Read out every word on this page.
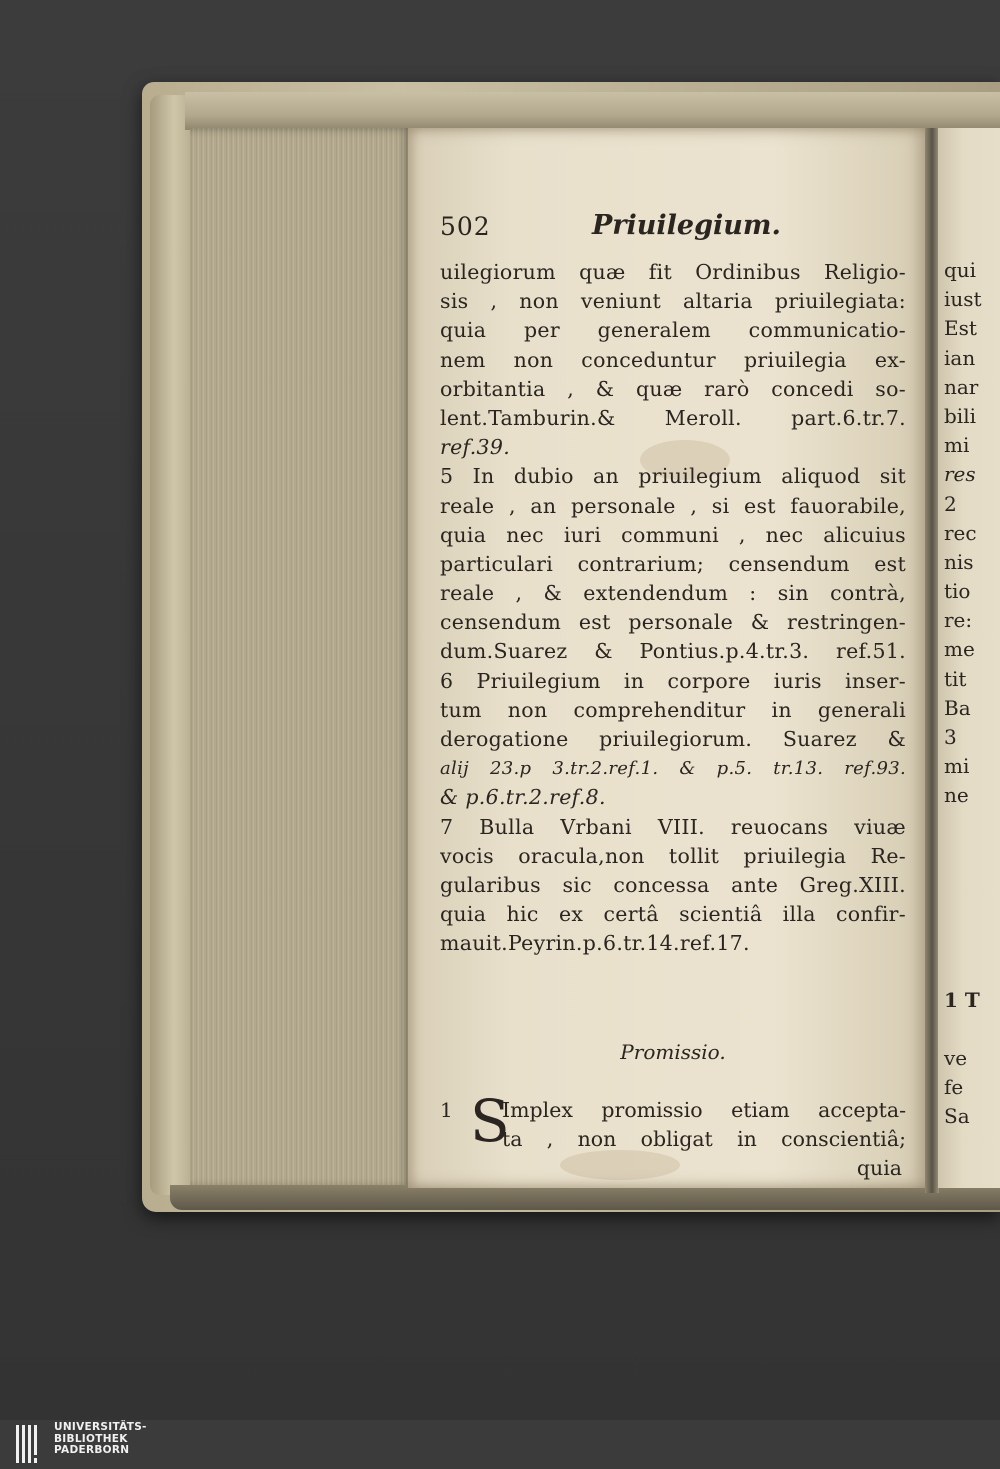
qui
iust
Est
ian
nar
bili
mi
res
2
rec
nis
tio
re:
me
tit
Ba
3
mi
ne
1 T
ve
fe
Sa
502	Priuilegium.
uilegiorum quæ fit Ordinibus Religio-
sis , non veniunt altaria priuilegiata:
quia per generalem communicatio-
nem non conceduntur priuilegia ex-
orbitantia , & quæ rarò concedi so-
lent.Tamburin.& Meroll. part.6.tr.7.
ref.39.
5 In dubio an priuilegium aliquod sit
reale , an personale , si est fauorabile,
quia nec iuri communi , nec alicuius
particulari contrarium; censendum est
reale , & extendendum : sin contrà,
censendum est personale & restringen-
dum.Suarez & Pontius.p.4.tr.3. ref.51.
6 Priuilegium in corpore iuris inser-
tum non comprehenditur in generali
derogatione priuilegiorum. Suarez &
alij 23.p 3.tr.2.ref.1. & p.5. tr.13. ref.93.
& p.6.tr.2.ref.8.
7 Bulla Vrbani VIII. reuocans viuæ
vocis oracula,non tollit priuilegia Re-
gularibus sic concessa ante Greg.XIII.
quia hic ex certâ scientiâ illa confir-
mauit.Peyrin.p.6.tr.14.ref.17.
Promissio.
1 S
Implex promissio etiam accepta-
ta , non obligat in conscientiâ;
quia
UNIVERSITÄTS-
BIBLIOTHEK
PADERBORN
